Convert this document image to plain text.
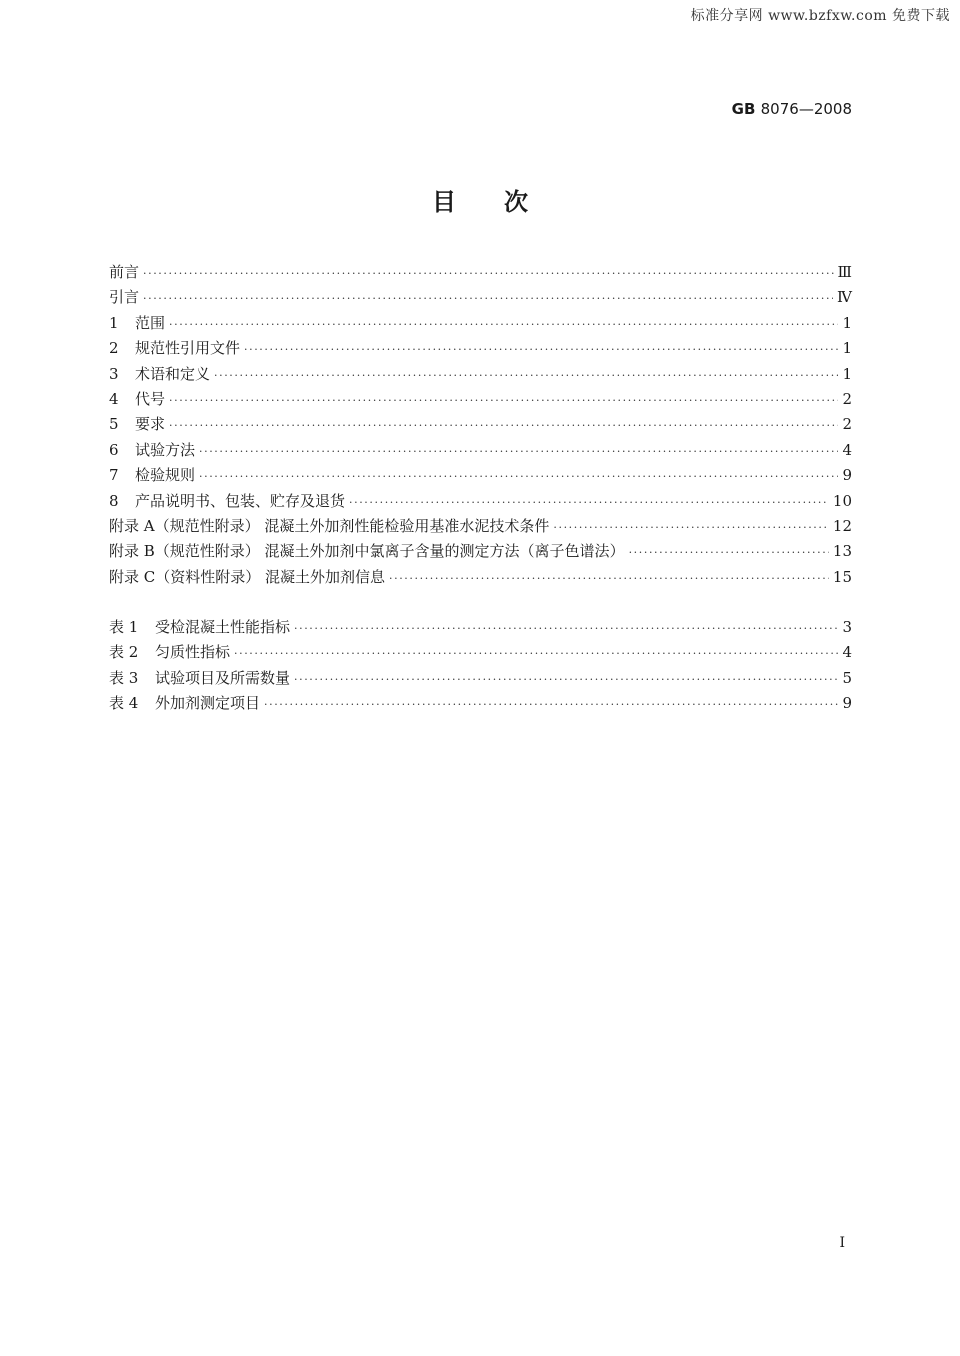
标准分享网 www.bzfxw.com 免费下载
GB 8076—2008
目次
前言 ·····	Ⅲ
引言 ·····	Ⅳ
1 范围 ·····	1
2 规范性引用文件 ·····	1
3 术语和定义 ·····	1
4 代号 ·····	2
5 要求 ·····	2
6 试验方法 ·····	4
7 检验规则 ·····	9
8 产品说明书、包装、贮存及退货 ·····	10
附录 A（规范性附录） 混凝土外加剂性能检验用基准水泥技术条件 ·····	12
附录 B（规范性附录） 混凝土外加剂中氯离子含量的测定方法（离子色谱法） ·····	13
附录 C（资料性附录） 混凝土外加剂信息 ·····	15
表 1 受检混凝土性能指标 ·····	3
表 2 匀质性指标 ·····	4
表 3 试验项目及所需数量 ·····	5
表 4 外加剂测定项目 ·····	9
I
